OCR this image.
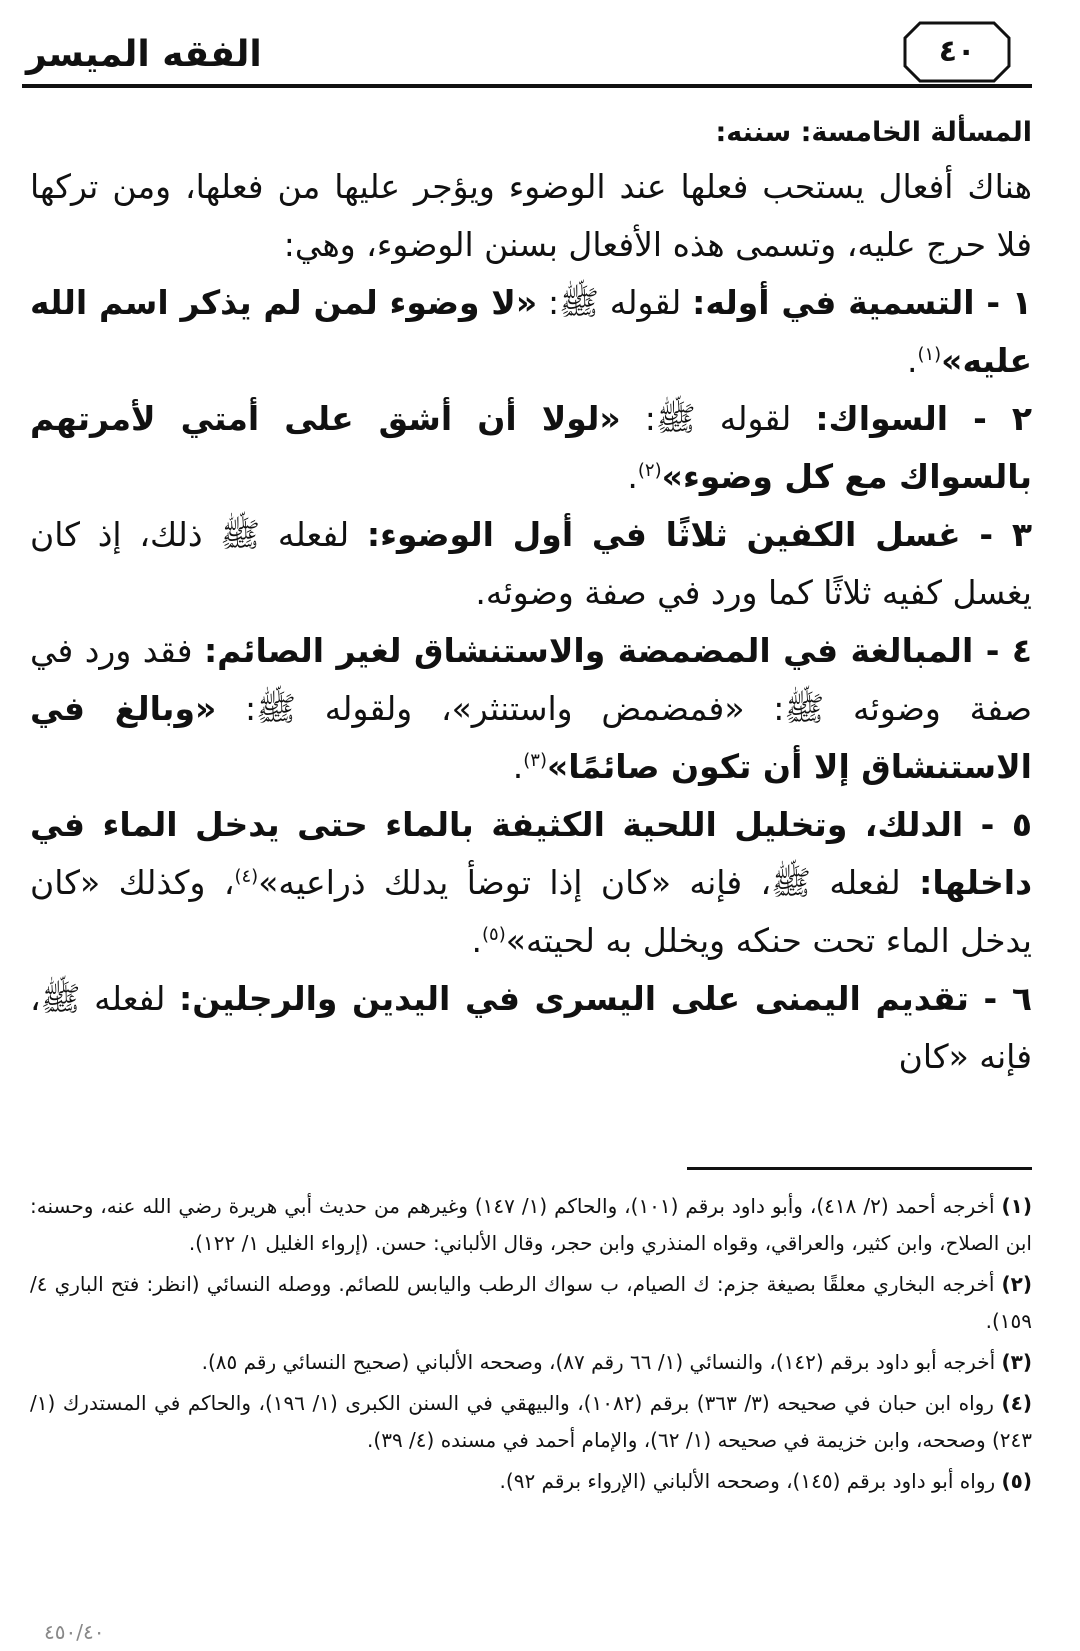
الفقه الميسر	٤٠

المسألة الخامسة: سننه:

هناك أفعال يستحب فعلها عند الوضوء ويؤجر عليها من فعلها، ومن تركها فلا حرج عليه، وتسمى هذه الأفعال بسنن الوضوء، وهي:

١ - التسمية في أوله: لقوله ﷺ: «لا وضوء لمن لم يذكر اسم الله عليه»$^{(١)}$.

٢ - السواك: لقوله ﷺ: «لولا أن أشق على أمتي لأمرتهم بالسواك مع كل وضوء»$^{(٢)}$.

٣ - غسل الكفين ثلاثًا في أول الوضوء: لفعله ﷺ ذلك، إذ كان يغسل كفيه ثلاثًا كما ورد في صفة وضوئه.

٤ - المبالغة في المضمضة والاستنشاق لغير الصائم: فقد ورد في صفة وضوئه ﷺ: «فمضمض واستنثر»، ولقوله ﷺ: «وبالغ في الاستنشاق إلا أن تكون صائمًا»$^{(٣)}$.

٥ - الدلك، وتخليل اللحية الكثيفة بالماء حتى يدخل الماء في داخلها: لفعله ﷺ، فإنه «كان إذا توضأ يدلك ذراعيه»$^{(٤)}$، وكذلك «كان يدخل الماء تحت حنكه ويخلل به لحيته»$^{(٥)}$.

٦ - تقديم اليمنى على اليسرى في اليدين والرجلين: لفعله ﷺ، فإنه «كان

(١) أخرجه أحمد (٢/ ٤١٨)، وأبو داود برقم (١٠١)، والحاكم (١/ ١٤٧) وغيرهم من حديث أبي هريرة رضي الله عنه، وحسنه: ابن الصلاح، وابن كثير، والعراقي، وقواه المنذري وابن حجر، وقال الألباني: حسن. (إرواء الغليل ١/ ١٢٢).

(٢) أخرجه البخاري معلقًا بصيغة جزم: ك الصيام، ب سواك الرطب واليابس للصائم. ووصله النسائي (انظر: فتح الباري ٤/ ١٥٩).

(٣) أخرجه أبو داود برقم (١٤٢)، والنسائي (١/ ٦٦ رقم ٨٧)، وصححه الألباني (صحيح النسائي رقم ٨٥).

(٤) رواه ابن حبان في صحيحه (٣/ ٣٦٣) برقم (١٠٨٢)، والبيهقي في السنن الكبرى (١/ ١٩٦)، والحاكم في المستدرك (١/ ٢٤٣) وصححه، وابن خزيمة في صحيحه (١/ ٦٢)، والإمام أحمد في مسنده (٤/ ٣٩).

(٥) رواه أبو داود برقم (١٤٥)، وصححه الألباني (الإرواء برقم ٩٢).

٤٥٠/٤٠
